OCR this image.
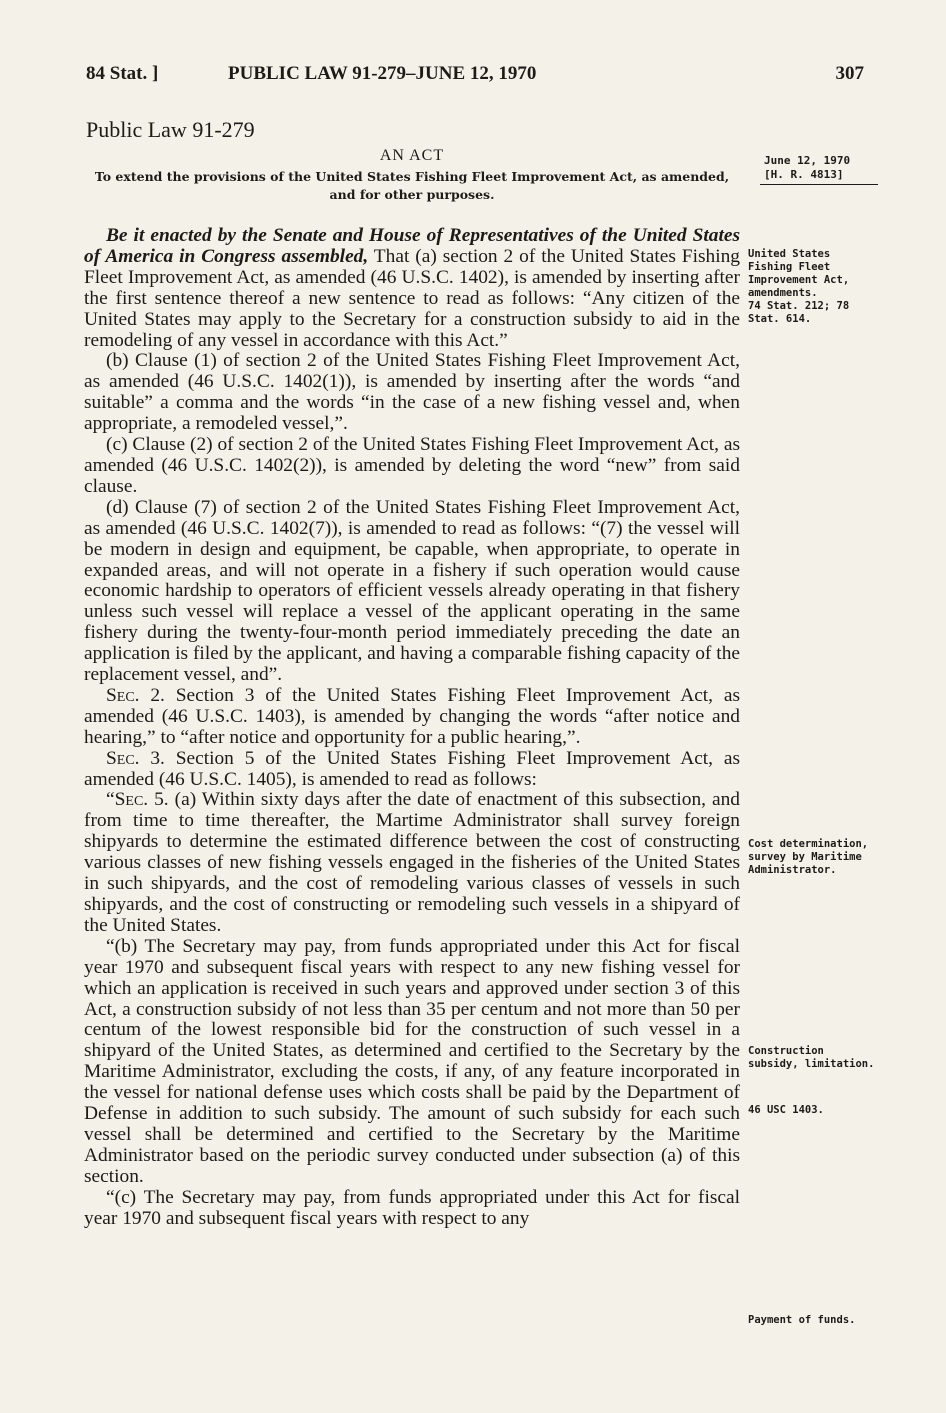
84 Stat. ]	PUBLIC LAW 91-279–JUNE 12, 1970	307
Public Law 91-279
AN ACT
To extend the provisions of the United States Fishing Fleet Improvement Act, as amended, and for other purposes.
June 12, 1970
[H. R. 4813]

Be it enacted by the Senate and House of Representatives of the United States of America in Congress assembled, That (a) section 2 of the United States Fishing Fleet Improvement Act, as amended (46 U.S.C. 1402), is amended by inserting after the first sentence thereof a new sentence to read as follows: “Any citizen of the United States may apply to the Secretary for a construction subsidy to aid in the remodeling of any vessel in accordance with this Act.”

(b) Clause (1) of section 2 of the United States Fishing Fleet Improvement Act, as amended (46 U.S.C. 1402(1)), is amended by inserting after the words “and suitable” a comma and the words “in the case of a new fishing vessel and, when appropriate, a remodeled vessel,”.

(c) Clause (2) of section 2 of the United States Fishing Fleet Improvement Act, as amended (46 U.S.C. 1402(2)), is amended by deleting the word “new” from said clause.

(d) Clause (7) of section 2 of the United States Fishing Fleet Improvement Act, as amended (46 U.S.C. 1402(7)), is amended to read as follows: “(7) the vessel will be modern in design and equipment, be capable, when appropriate, to operate in expanded areas, and will not operate in a fishery if such operation would cause economic hardship to operators of efficient vessels already operating in that fishery unless such vessel will replace a vessel of the applicant operating in the same fishery during the twenty-four-month period immediately preceding the date an application is filed by the applicant, and having a comparable fishing capacity of the replacement vessel, and”.

Sec. 2. Section 3 of the United States Fishing Fleet Improvement Act, as amended (46 U.S.C. 1403), is amended by changing the words “after notice and hearing,” to “after notice and opportunity for a public hearing,”.

Sec. 3. Section 5 of the United States Fishing Fleet Improvement Act, as amended (46 U.S.C. 1405), is amended to read as follows:

“Sec. 5. (a) Within sixty days after the date of enactment of this subsection, and from time to time thereafter, the Martime Administrator shall survey foreign shipyards to determine the estimated difference between the cost of constructing various classes of new fishing vessels engaged in the fisheries of the United States in such shipyards, and the cost of remodeling various classes of vessels in such shipyards, and the cost of constructing or remodeling such vessels in a shipyard of the United States.

“(b) The Secretary may pay, from funds appropriated under this Act for fiscal year 1970 and subsequent fiscal years with respect to any new fishing vessel for which an application is received in such years and approved under section 3 of this Act, a construction subsidy of not less than 35 per centum and not more than 50 per centum of the lowest responsible bid for the construction of such vessel in a shipyard of the United States, as determined and certified to the Secretary by the Maritime Administrator, excluding the costs, if any, of any feature incorporated in the vessel for national defense uses which costs shall be paid by the Department of Defense in addition to such subsidy. The amount of such subsidy for each such vessel shall be determined and certified to the Secretary by the Maritime Administrator based on the periodic survey conducted under subsection (a) of this section.

“(c) The Secretary may pay, from funds appropriated under this Act for fiscal year 1970 and subsequent fiscal years with respect to any

United States Fishing Fleet Improvement Act, amendments.
74 Stat. 212; 78 Stat. 614.
Cost determination, survey by Maritime Administrator.
Construction subsidy, limitation.
46 USC 1403.
Payment of funds.
